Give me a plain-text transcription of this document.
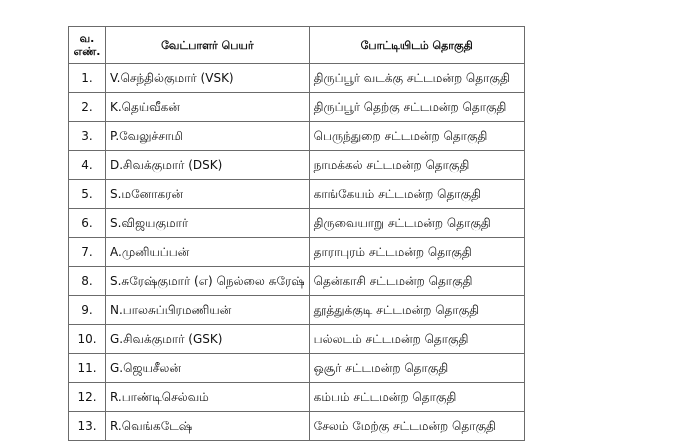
வ.
எண்.	வேட்பாளர் பெயர்	போட்டியிடம் தொகுதி
1.	V.செந்தில்குமார் (VSK)	திருப்பூர் வடக்கு சட்டமன்ற தொகுதி
2.	K.தெய்வீகன்	திருப்பூர் தெற்கு சட்டமன்ற தொகுதி
3.	P.வேலுச்சாமி	பெருந்துறை சட்டமன்ற தொகுதி
4.	D.சிவக்குமார் (DSK)	நாமக்கல் சட்டமன்ற தொகுதி
5.	S.மனோகரன்	காங்கேயம் சட்டமன்ற தொகுதி
6.	S.விஜயகுமார்	திருவையாறு சட்டமன்ற தொகுதி
7.	A.முனியப்பன்	தாராபுரம் சட்டமன்ற தொகுதி
8.	S.சுரேஷ்குமார் (எ) நெல்லை சுரேஷ்	தென்காசி சட்டமன்ற தொகுதி
9.	N.பாலசுப்பிரமணியன்	தூத்துக்குடி சட்டமன்ற தொகுதி
10.	G.சிவக்குமார் (GSK)	பல்லடம் சட்டமன்ற தொகுதி
11.	G.ஜெயசீலன்	ஒசூர் சட்டமன்ற தொகுதி
12.	R.பாண்டிசெல்வம்	கம்பம் சட்டமன்ற தொகுதி
13.	R.வெங்கடேஷ்	சேலம் மேற்கு சட்டமன்ற தொகுதி
